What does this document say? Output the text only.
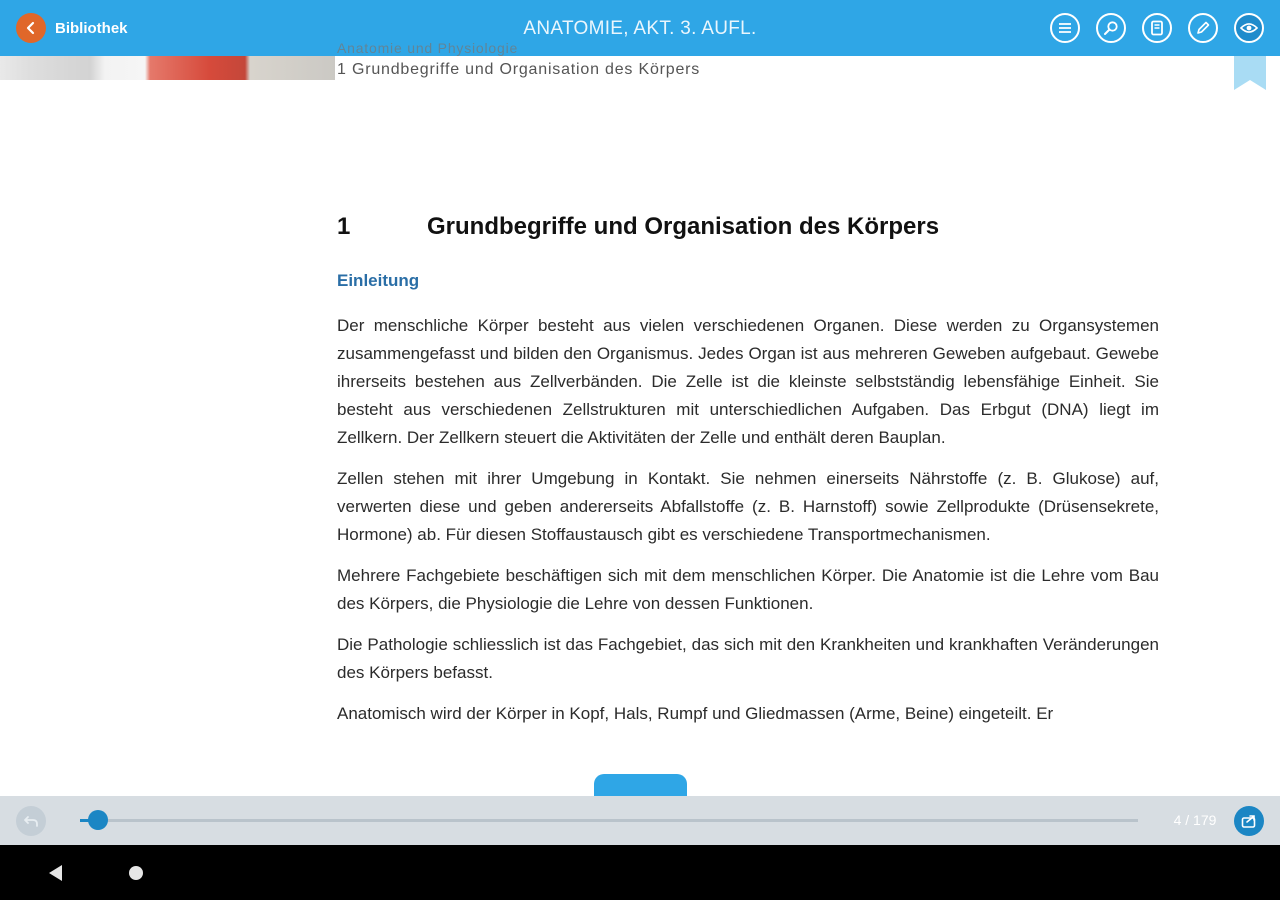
Bibliothek	ANATOMIE, AKT. 3. AUFL.
Anatomie und Physiologie
1 Grundbegriffe und Organisation des Körpers
1	Grundbegriffe und Organisation des Körpers
Einleitung

Der menschliche Körper besteht aus vielen verschiedenen Organen. Diese werden zu Organsystemen zusammengefasst und bilden den Organismus. Jedes Organ ist aus mehreren Geweben aufgebaut. Gewebe ihrerseits bestehen aus Zellverbänden. Die Zelle ist die kleinste selbstständig lebensfähige Einheit. Sie besteht aus verschiedenen Zellstrukturen mit unterschiedlichen Aufgaben. Das Erbgut (DNA) liegt im Zellkern. Der Zellkern steuert die Aktivitäten der Zelle und enthält deren Bauplan.

Zellen stehen mit ihrer Umgebung in Kontakt. Sie nehmen einerseits Nährstoffe (z. B. Glukose) auf, verwerten diese und geben andererseits Abfallstoffe (z. B. Harnstoff) sowie Zellprodukte (Drüsensekrete, Hormone) ab. Für diesen Stoffaustausch gibt es verschiedene Transportmechanismen.

Mehrere Fachgebiete beschäftigen sich mit dem menschlichen Körper. Die Anatomie ist die Lehre vom Bau des Körpers, die Physiologie die Lehre von dessen Funktionen.

Die Pathologie schliesslich ist das Fachgebiet, das sich mit den Krankheiten und krankhaften Veränderungen des Körpers befasst.

Anatomisch wird der Körper in Kopf, Hals, Rumpf und Gliedmassen (Arme, Beine) eingeteilt. Er

4 / 179
